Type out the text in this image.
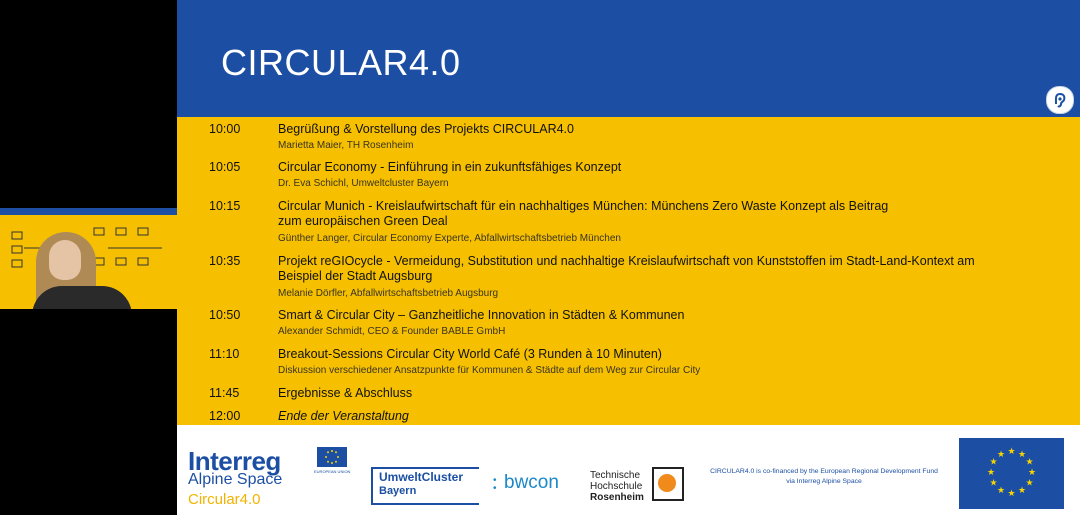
CIRCULAR4.0
10:00	Begrüßung & Vorstellung des Projekts CIRCULAR4.0
Marietta Maier, TH Rosenheim
10:05	Circular Economy - Einführung in ein zukunftsfähiges Konzept
Dr. Eva Schichl, Umweltcluster Bayern
10:15	Circular Munich - Kreislaufwirtschaft für ein nachhaltiges München: Münchens Zero Waste Konzept als Beitrag zum europäischen Green Deal
Günther Langer, Circular Economy Experte, Abfallwirtschaftsbetrieb München
10:35	Projekt reGIOcycle - Vermeidung, Substitution und nachhaltige Kreislaufwirtschaft von Kunststoffen im Stadt-Land-Kontext am Beispiel der Stadt Augsburg
Melanie Dörfler, Abfallwirtschaftsbetrieb Augsburg
10:50	Smart & Circular City – Ganzheitliche Innovation in Städten & Kommunen
Alexander Schmidt, CEO & Founder BABLE GmbH
11:10	Breakout-Sessions Circular City World Café (3 Runden à 10 Minuten)
Diskussion verschiedener Ansatzpunkte für Kommunen & Städte auf dem Weg zur Circular City
11:45	Ergebnisse & Abschluss
12:00	Ende der Veranstaltung
Interreg
Alpine Space
Circular4.0
EUROPEAN UNION UmweltCluster
Bayern
•
• bwcon	Technische
Hochschule
Rosenheim
CIRCULAR4.0 is co-financed by the European Regional Development Fund
via Interreg Alpine Space
★ ★
★
★
★
★
★
★
★
★
★
★
